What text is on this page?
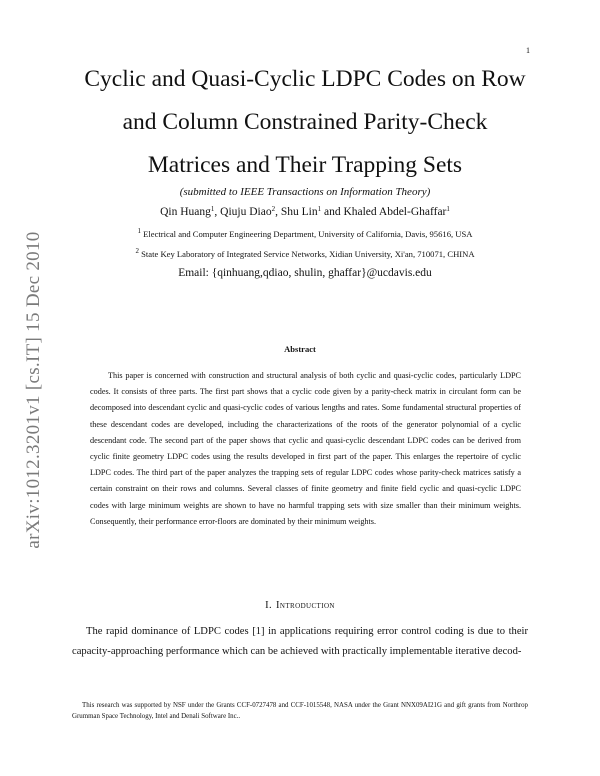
1
arXiv:1012.3201v1 [cs.IT] 15 Dec 2010
Cyclic and Quasi-Cyclic LDPC Codes on Row
and Column Constrained Parity-Check
Matrices and Their Trapping Sets
(submitted to IEEE Transactions on Information Theory)
Qin Huang$^1$, Qiuju Diao$^2$, Shu Lin$^1$ and Khaled Abdel-Ghaffar$^1$
$^1$ Electrical and Computer Engineering Department, University of California, Davis, 95616, USA
$^2$ State Key Laboratory of Integrated Service Networks, Xidian University, Xi'an, 710071, CHINA
Email: {qinhuang,qdiao, shulin, ghaffar}@ucdavis.edu
Abstract

This paper is concerned with construction and structural analysis of both cyclic and quasi-cyclic codes, particularly LDPC codes. It consists of three parts. The first part shows that a cyclic code given by a parity-check matrix in circulant form can be decomposed into descendant cyclic and quasi-cyclic codes of various lengths and rates. Some fundamental structural properties of these descendant codes are developed, including the characterizations of the roots of the generator polynomial of a cyclic descendant code. The second part of the paper shows that cyclic and quasi-cyclic descendant LDPC codes can be derived from cyclic finite geometry LDPC codes using the results developed in first part of the paper. This enlarges the repertoire of cyclic LDPC codes. The third part of the paper analyzes the trapping sets of regular LDPC codes whose parity-check matrices satisfy a certain constraint on their rows and columns. Several classes of finite geometry and finite field cyclic and quasi-cyclic LDPC codes with large minimum weights are shown to have no harmful trapping sets with size smaller than their minimum weights. Consequently, their performance error-floors are dominated by their minimum weights.

I. Introduction

The rapid dominance of LDPC codes [1] in applications requiring error control coding is due to their capacity-approaching performance which can be achieved with practically implementable iterative decod-

This research was supported by NSF under the Grants CCF-0727478 and CCF-1015548, NASA under the Grant NNX09AI21G and gift grants from Northrop Grumman Space Technology, Intel and Denali Software Inc..
